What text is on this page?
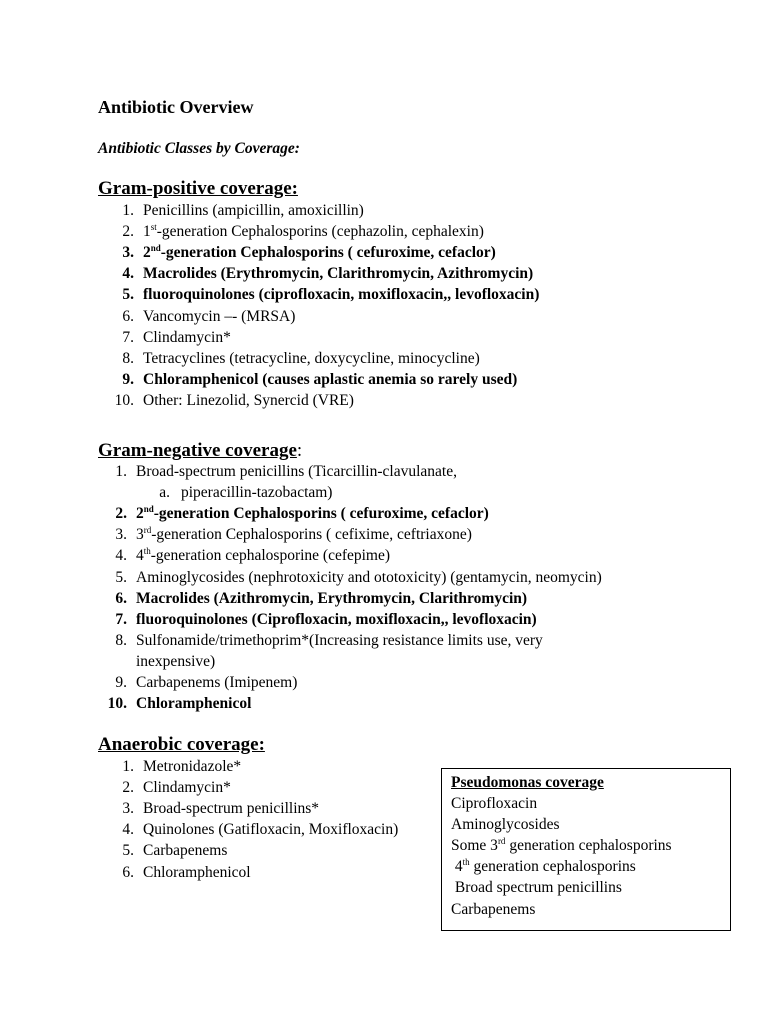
Antibiotic Overview
Antibiotic Classes by Coverage:
Gram-positive coverage:
1. Penicillins (ampicillin, amoxicillin)
2. 1st-generation Cephalosporins (cephazolin, cephalexin)
3. 2nd-generation Cephalosporins ( cefuroxime, cefaclor)
4. Macrolides (Erythromycin, Clarithromycin, Azithromycin)
5. fluoroquinolones (ciprofloxacin, moxifloxacin,, levofloxacin)
6. Vancomycin –- (MRSA)
7. Clindamycin*
8. Tetracyclines (tetracycline, doxycycline, minocycline)
9. Chloramphenicol (causes aplastic anemia so rarely used)
10. Other: Linezolid, Synercid (VRE)
Gram-negative coverage:
1. Broad-spectrum penicillins (Ticarcillin-clavulanate,
a. piperacillin-tazobactam)
2. 2nd-generation Cephalosporins ( cefuroxime, cefaclor)
3. 3rd-generation Cephalosporins ( cefixime, ceftriaxone)
4. 4th-generation cephalosporine (cefepime)
5. Aminoglycosides (nephrotoxicity and ototoxicity) (gentamycin, neomycin)
6. Macrolides (Azithromycin, Erythromycin, Clarithromycin)
7. fluoroquinolones (Ciprofloxacin, moxifloxacin,, levofloxacin)
8. Sulfonamide/trimethoprim*(Increasing resistance limits use, very
inexpensive)
9. Carbapenems (Imipenem)
10. Chloramphenicol
Anaerobic coverage:
1. Metronidazole*
2. Clindamycin*
3. Broad-spectrum penicillins*
4. Quinolones (Gatifloxacin, Moxifloxacin)
5. Carbapenems
6. Chloramphenicol
Pseudomonas coverage
Ciprofloxacin
Aminoglycosides
Some 3rd generation cephalosporins
4th generation cephalosporins
Broad spectrum penicillins
Carbapenems
